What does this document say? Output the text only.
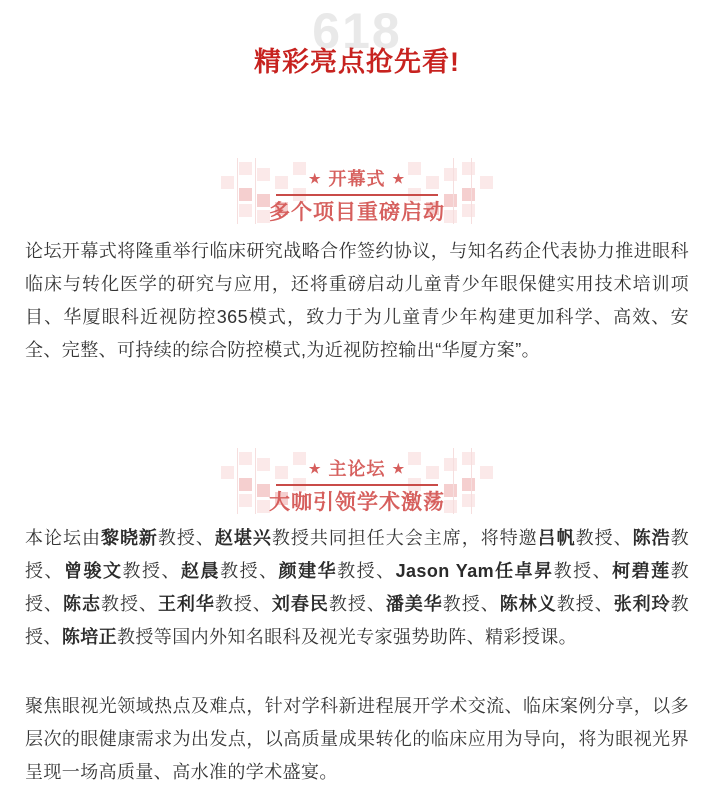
618
精彩亮点抢先看!
★ 开幕式 ★
多个项目重磅启动

论坛开幕式将隆重举行临床研究战略合作签约协议，与知名药企代表协力推进眼科临床与转化医学的研究与应用，还将重磅启动儿童青少年眼保健实用技术培训项目、华厦眼科近视防控365模式，致力于为儿童青少年构建更加科学、高效、安全、完整、可持续的综合防控模式,为近视防控输出“华厦方案”。

★ 主论坛 ★
大咖引领学术激荡

本论坛由黎晓新教授、赵堪兴教授共同担任大会主席，将特邀吕帆教授、陈浩教授、曾骏文教授、赵晨教授、颜建华教授、Jason Yam任卓昇教授、柯碧莲教授、陈志教授、王利华教授、刘春民教授、潘美华教授、陈林义教授、张利玲教授、陈培正教授等国内外知名眼科及视光专家强势助阵、精彩授课。

聚焦眼视光领域热点及难点，针对学科新进程展开学术交流、临床案例分享，以多层次的眼健康需求为出发点，以高质量成果转化的临床应用为导向，将为眼视光界呈现一场高质量、高水准的学术盛宴。
